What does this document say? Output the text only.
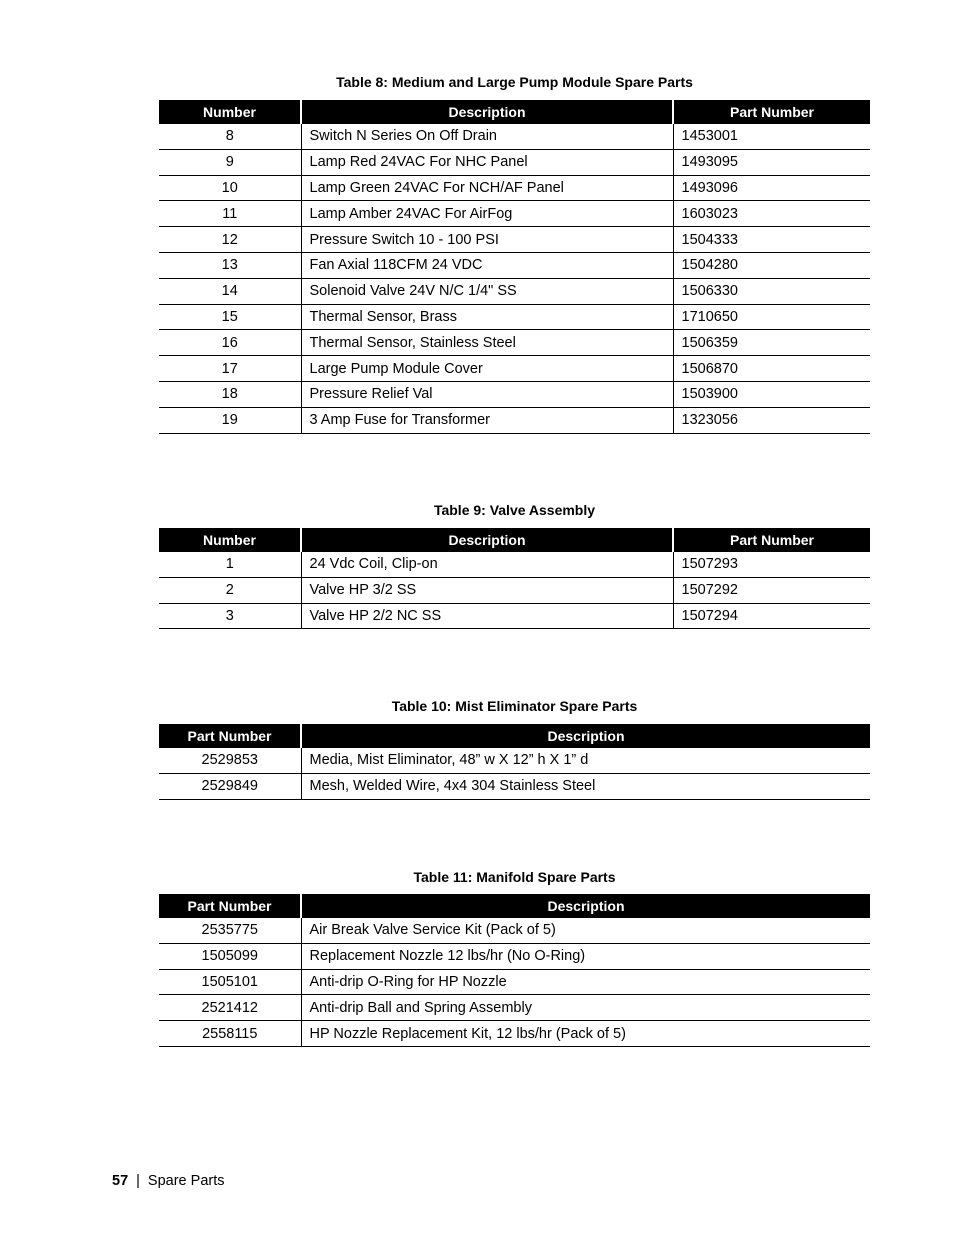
Table 8: Medium and Large Pump Module Spare Parts
Number	Description	Part Number
8	Switch N Series On Off Drain	1453001
9	Lamp Red 24VAC For NHC Panel	1493095
10	Lamp Green 24VAC For NCH/AF Panel	1493096
11	Lamp Amber 24VAC For AirFog	1603023
12	Pressure Switch 10 - 100 PSI	1504333
13	Fan Axial 118CFM 24 VDC	1504280
14	Solenoid Valve 24V N/C 1/4" SS	1506330
15	Thermal Sensor, Brass	1710650
16	Thermal Sensor, Stainless Steel	1506359
17	Large Pump Module Cover	1506870
18	Pressure Relief Val	1503900
19	3 Amp Fuse for Transformer	1323056
Table 9: Valve Assembly
Number	Description	Part Number
1	24 Vdc Coil, Clip-on	1507293
2	Valve HP 3/2 SS	1507292
3	Valve HP 2/2 NC SS	1507294
Table 10: Mist Eliminator Spare Parts
Part Number	Description
2529853	Media, Mist Eliminator, 48” w X 12” h X 1” d
2529849	Mesh, Welded Wire, 4x4 304 Stainless Steel
Table 11: Manifold Spare Parts
Part Number	Description
2535775	Air Break Valve Service Kit (Pack of 5)
1505099	Replacement Nozzle 12 lbs/hr (No O-Ring)
1505101	Anti-drip O-Ring for HP Nozzle
2521412	Anti-drip Ball and Spring Assembly
2558115	HP Nozzle Replacement Kit, 12 lbs/hr (Pack of 5)
57 | Spare Parts
